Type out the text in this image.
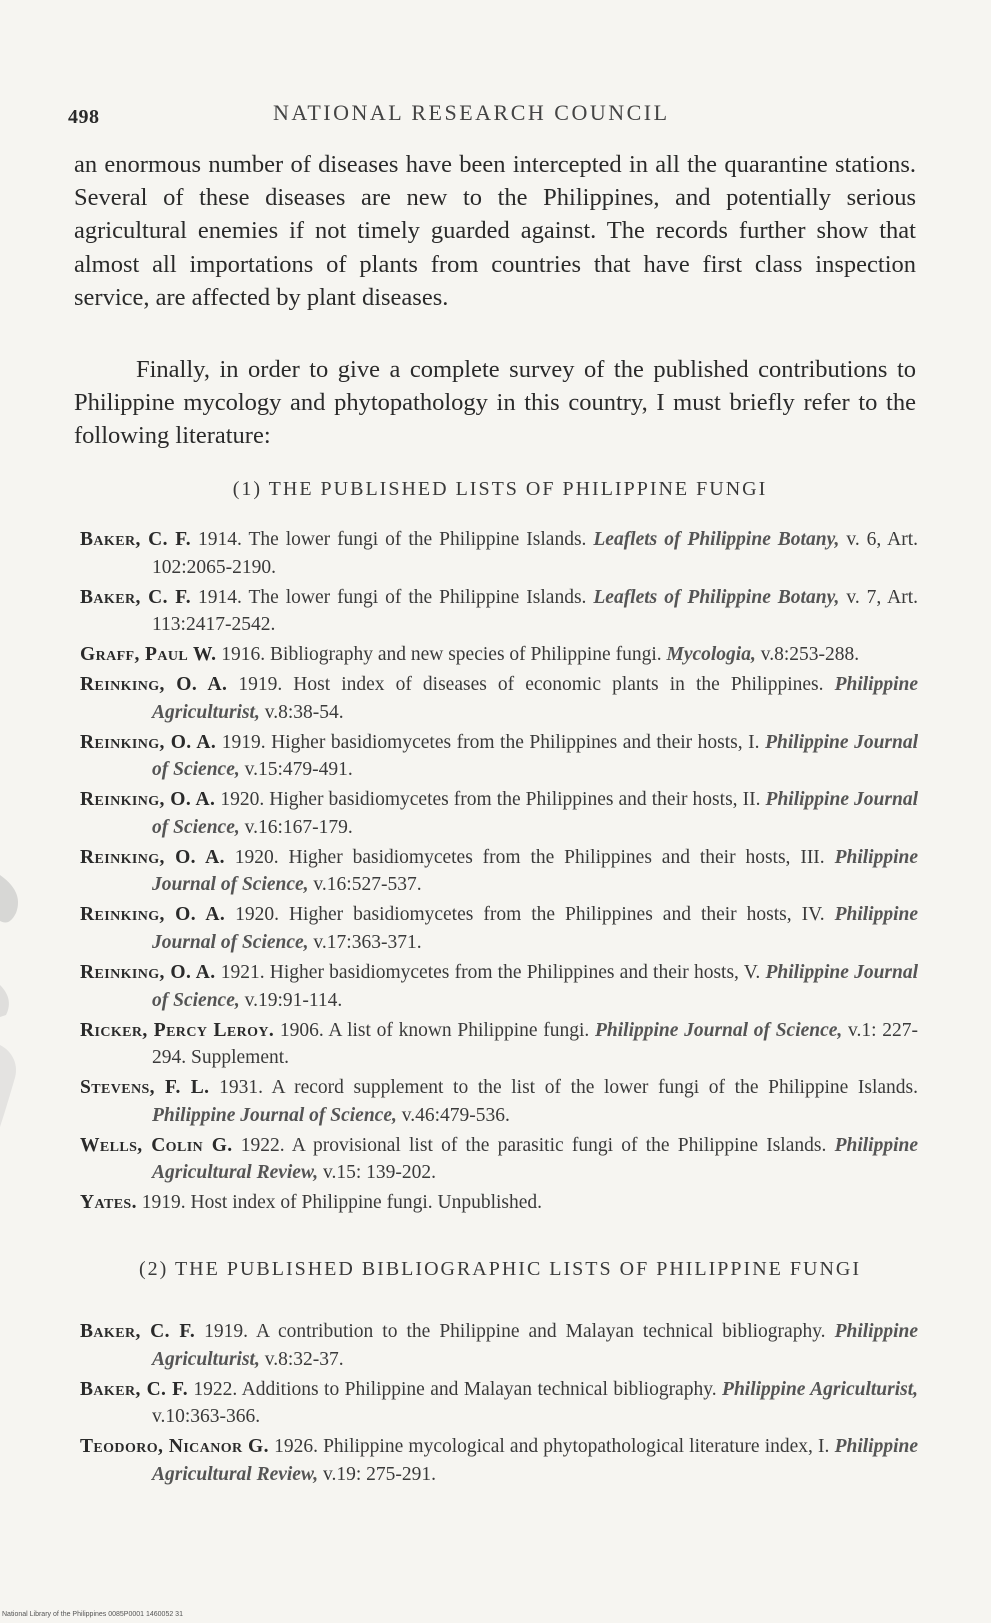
498	NATIONAL RESEARCH COUNCIL

an enormous number of diseases have been intercepted in all the quarantine stations. Several of these diseases are new to the Philippines, and potentially serious agricultural enemies if not timely guarded against. The records further show that almost all importations of plants from countries that have first class inspection service, are affected by plant diseases.

Finally, in order to give a complete survey of the published contributions to Philippine mycology and phytopathology in this country, I must briefly refer to the following literature:

(1) THE PUBLISHED LISTS OF PHILIPPINE FUNGI

Baker, C. F. 1914. The lower fungi of the Philippine Islands. Leaflets of Philippine Botany, v. 6, Art. 102:2065-2190.

Baker, C. F. 1914. The lower fungi of the Philippine Islands. Leaflets of Philippine Botany, v. 7, Art. 113:2417-2542.

Graff, Paul W. 1916. Bibliography and new species of Philippine fungi. Mycologia, v.8:253-288.

Reinking, O. A. 1919. Host index of diseases of economic plants in the Philippines. Philippine Agriculturist, v.8:38-54.

Reinking, O. A. 1919. Higher basidiomycetes from the Philippines and their hosts, I. Philippine Journal of Science, v.15:479-491.

Reinking, O. A. 1920. Higher basidiomycetes from the Philippines and their hosts, II. Philippine Journal of Science, v.16:167-179.

Reinking, O. A. 1920. Higher basidiomycetes from the Philippines and their hosts, III. Philippine Journal of Science, v.16:527-537.

Reinking, O. A. 1920. Higher basidiomycetes from the Philippines and their hosts, IV. Philippine Journal of Science, v.17:363-371.

Reinking, O. A. 1921. Higher basidiomycetes from the Philippines and their hosts, V. Philippine Journal of Science, v.19:91-114.

Ricker, Percy Leroy. 1906. A list of known Philippine fungi. Philippine Journal of Science, v.1: 227-294. Supplement.

Stevens, F. L. 1931. A record supplement to the list of the lower fungi of the Philippine Islands. Philippine Journal of Science, v.46:479-536.

Wells, Colin G. 1922. A provisional list of the parasitic fungi of the Philippine Islands. Philippine Agricultural Review, v.15: 139-202.

Yates. 1919. Host index of Philippine fungi. Unpublished.

(2) THE PUBLISHED BIBLIOGRAPHIC LISTS OF PHILIPPINE FUNGI

Baker, C. F. 1919. A contribution to the Philippine and Malayan technical bibliography. Philippine Agriculturist, v.8:32-37.

Baker, C. F. 1922. Additions to Philippine and Malayan technical bibliography. Philippine Agriculturist, v.10:363-366.

Teodoro, Nicanor G. 1926. Philippine mycological and phytopathological literature index, I. Philippine Agricultural Review, v.19: 275-291.

National Library of the Philippines 0085P0001 1460052 31
